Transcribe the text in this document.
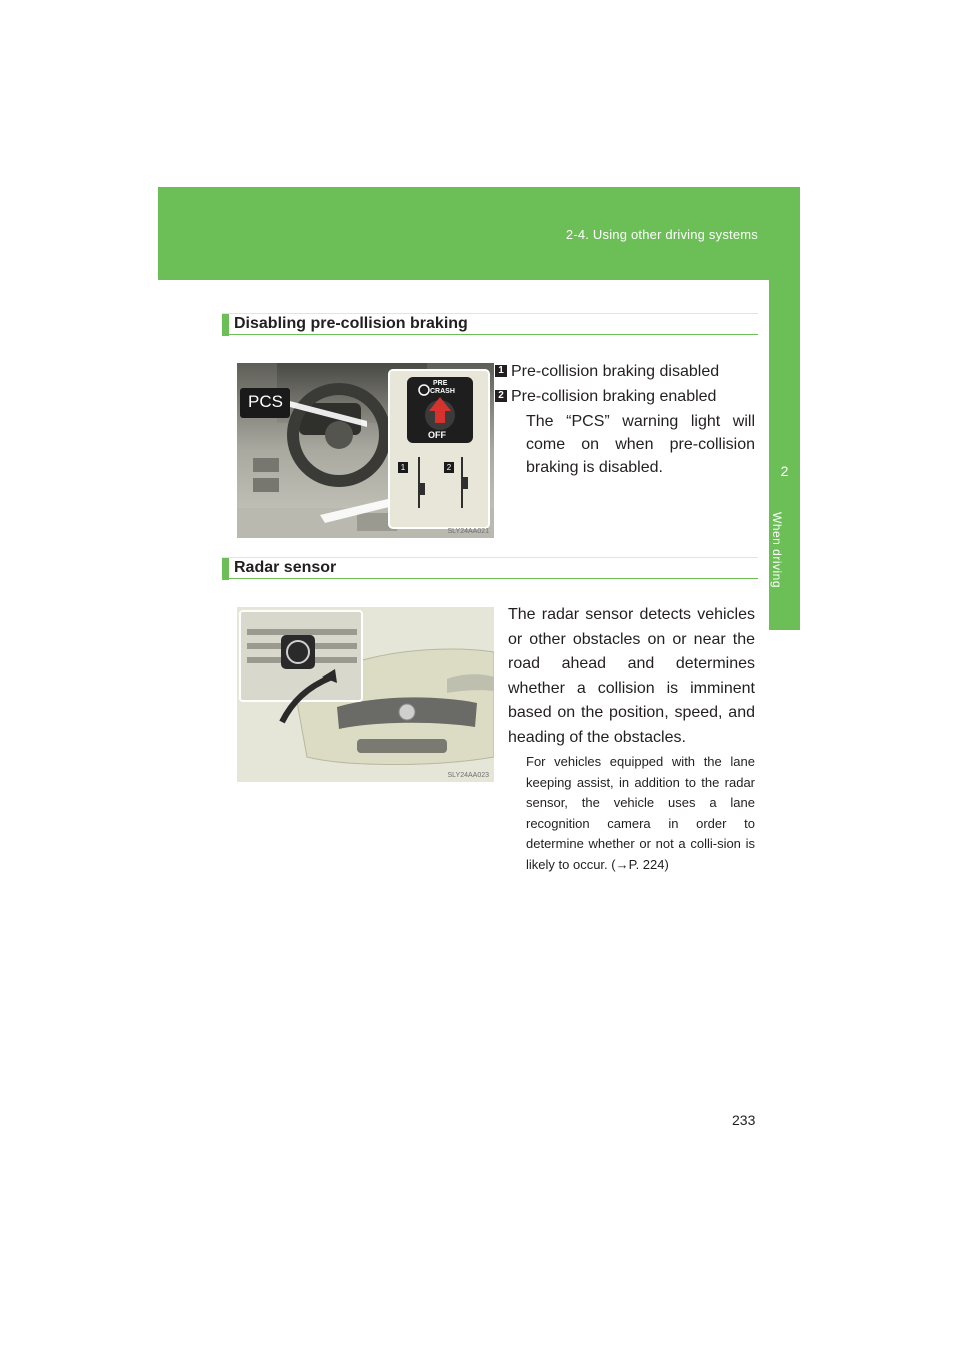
2-4. Using other driving systems
2
When driving
Disabling pre-collision braking
PCS
PRE
CRASH
OFF
1	2
SLY24AA021
1 Pre-collision braking disabled
2 Pre-collision braking enabled
The “PCS” warning light will come on when pre-collision braking is disabled.
Radar sensor
SLY24AA023
The radar sensor detects vehicles or other obstacles on or near the road ahead and determines whether a collision is imminent based on the position, speed, and heading of the obstacles.
For vehicles equipped with the lane keeping assist, in addition to the radar sensor, the vehicle uses a lane recognition camera in order to determine whether or not a colli-sion is likely to occur. (→P. 224)
233
